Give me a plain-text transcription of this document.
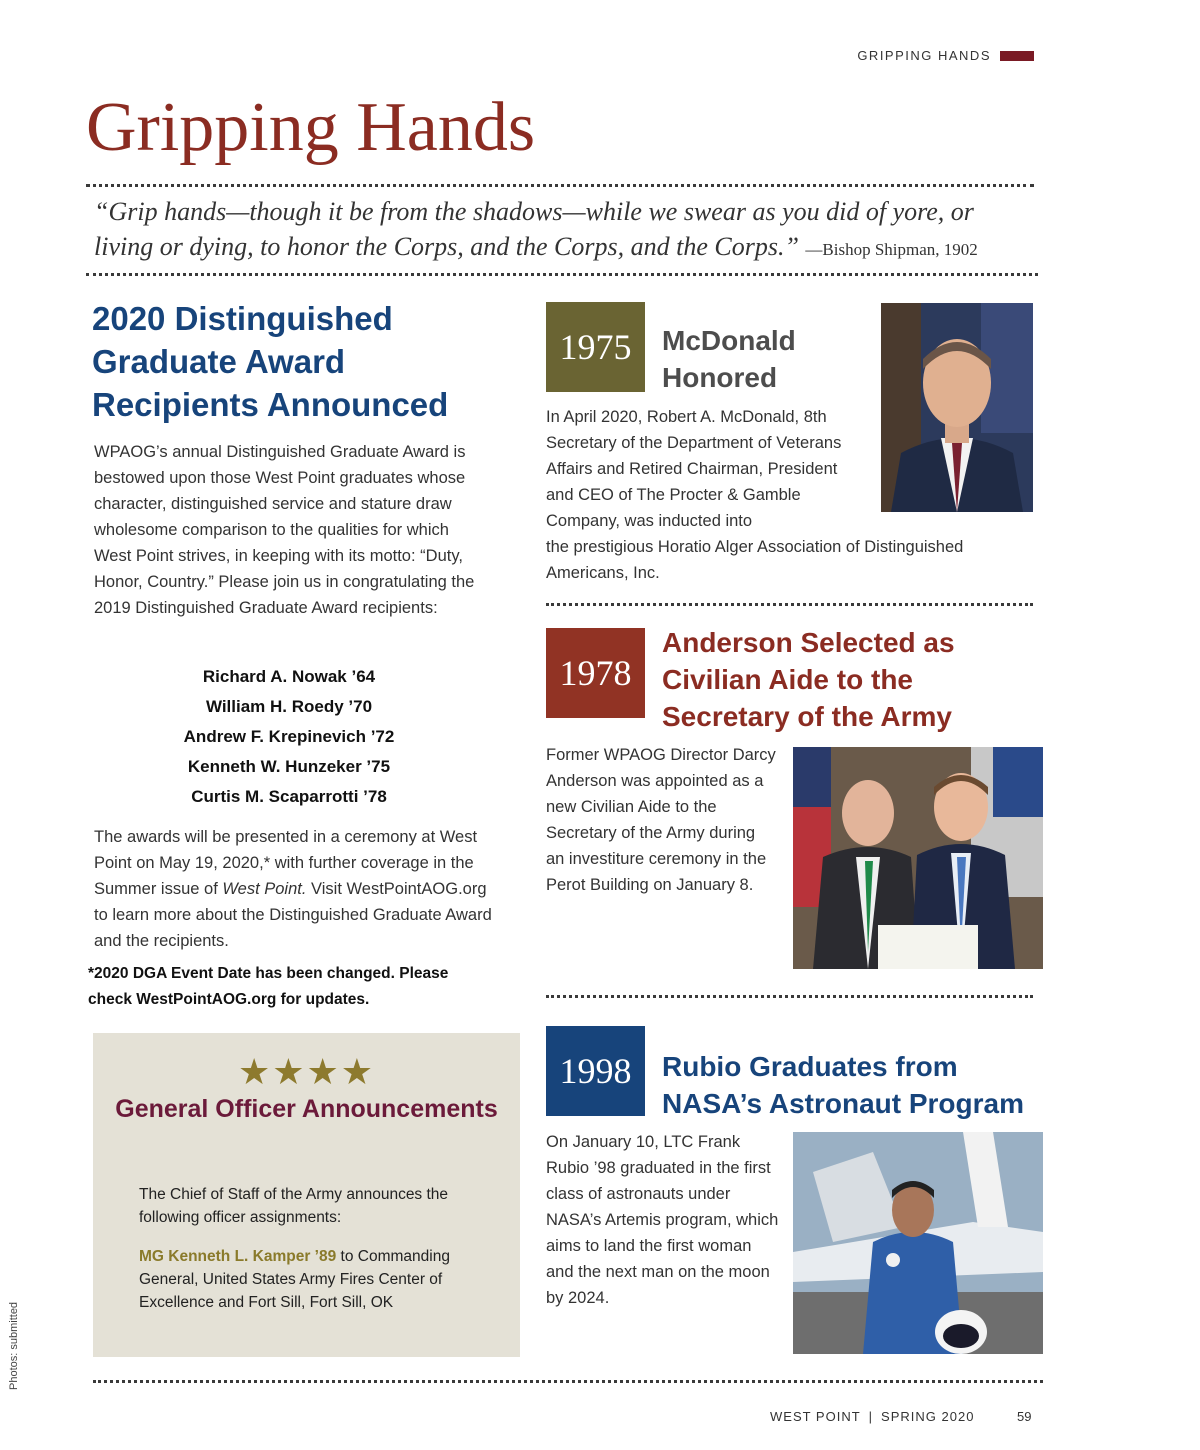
GRIPPING HANDS
Gripping Hands
“Grip hands—though it be from the shadows—while we swear as you did of yore, or living or dying, to honor the Corps, and the Corps, and the Corps.” —Bishop Shipman, 1902
2020 Distinguished Graduate Award Recipients Announced
WPAOG’s annual Distinguished Graduate Award is bestowed upon those West Point graduates whose character, distinguished service and stature draw wholesome comparison to the qualities for which West Point strives, in keeping with its motto: “Duty, Honor, Country.” Please join us in congratulating the 2019 Distinguished Graduate Award recipients:
Richard A. Nowak ’64
William H. Roedy ’70
Andrew F. Krepinevich ’72
Kenneth W. Hunzeker ’75
Curtis M. Scaparrotti ’78
The awards will be presented in a ceremony at West Point on May 19, 2020,* with further coverage in the Summer issue of West Point. Visit WestPointAOG.org to learn more about the Distinguished Graduate Award and the recipients.
*2020 DGA Event Date has been changed. Please check WestPointAOG.org for updates.
★★★★
General Officer Announcements
The Chief of Staff of the Army announces the following officer assignments:
MG Kenneth L. Kamper ’89 to Commanding General, United States Army Fires Center of Excellence and Fort Sill, Fort Sill, OK
Photos: submitted
1975	McDonald Honored
In April 2020, Robert A. McDonald, 8th Secretary of the Department of Veterans Affairs and Retired Chairman, President and CEO of The Procter & Gamble Company, was inducted into
the prestigious Horatio Alger Association of Distinguished Americans, Inc.
1978
Anderson Selected as Civilian Aide to the Secretary of the Army
Former WPAOG Director Darcy Anderson was appointed as a new Civilian Aide to the Secretary of the Army during an investiture ceremony in the Perot Building on January 8.
1998	Rubio Graduates from NASA’s Astronaut Program
On January 10, LTC Frank Rubio ’98 graduated in the first class of astronauts under NASA’s Artemis program, which aims to land the first woman and the next man on the moon by 2024.
WEST POINT | SPRING 2020	59
